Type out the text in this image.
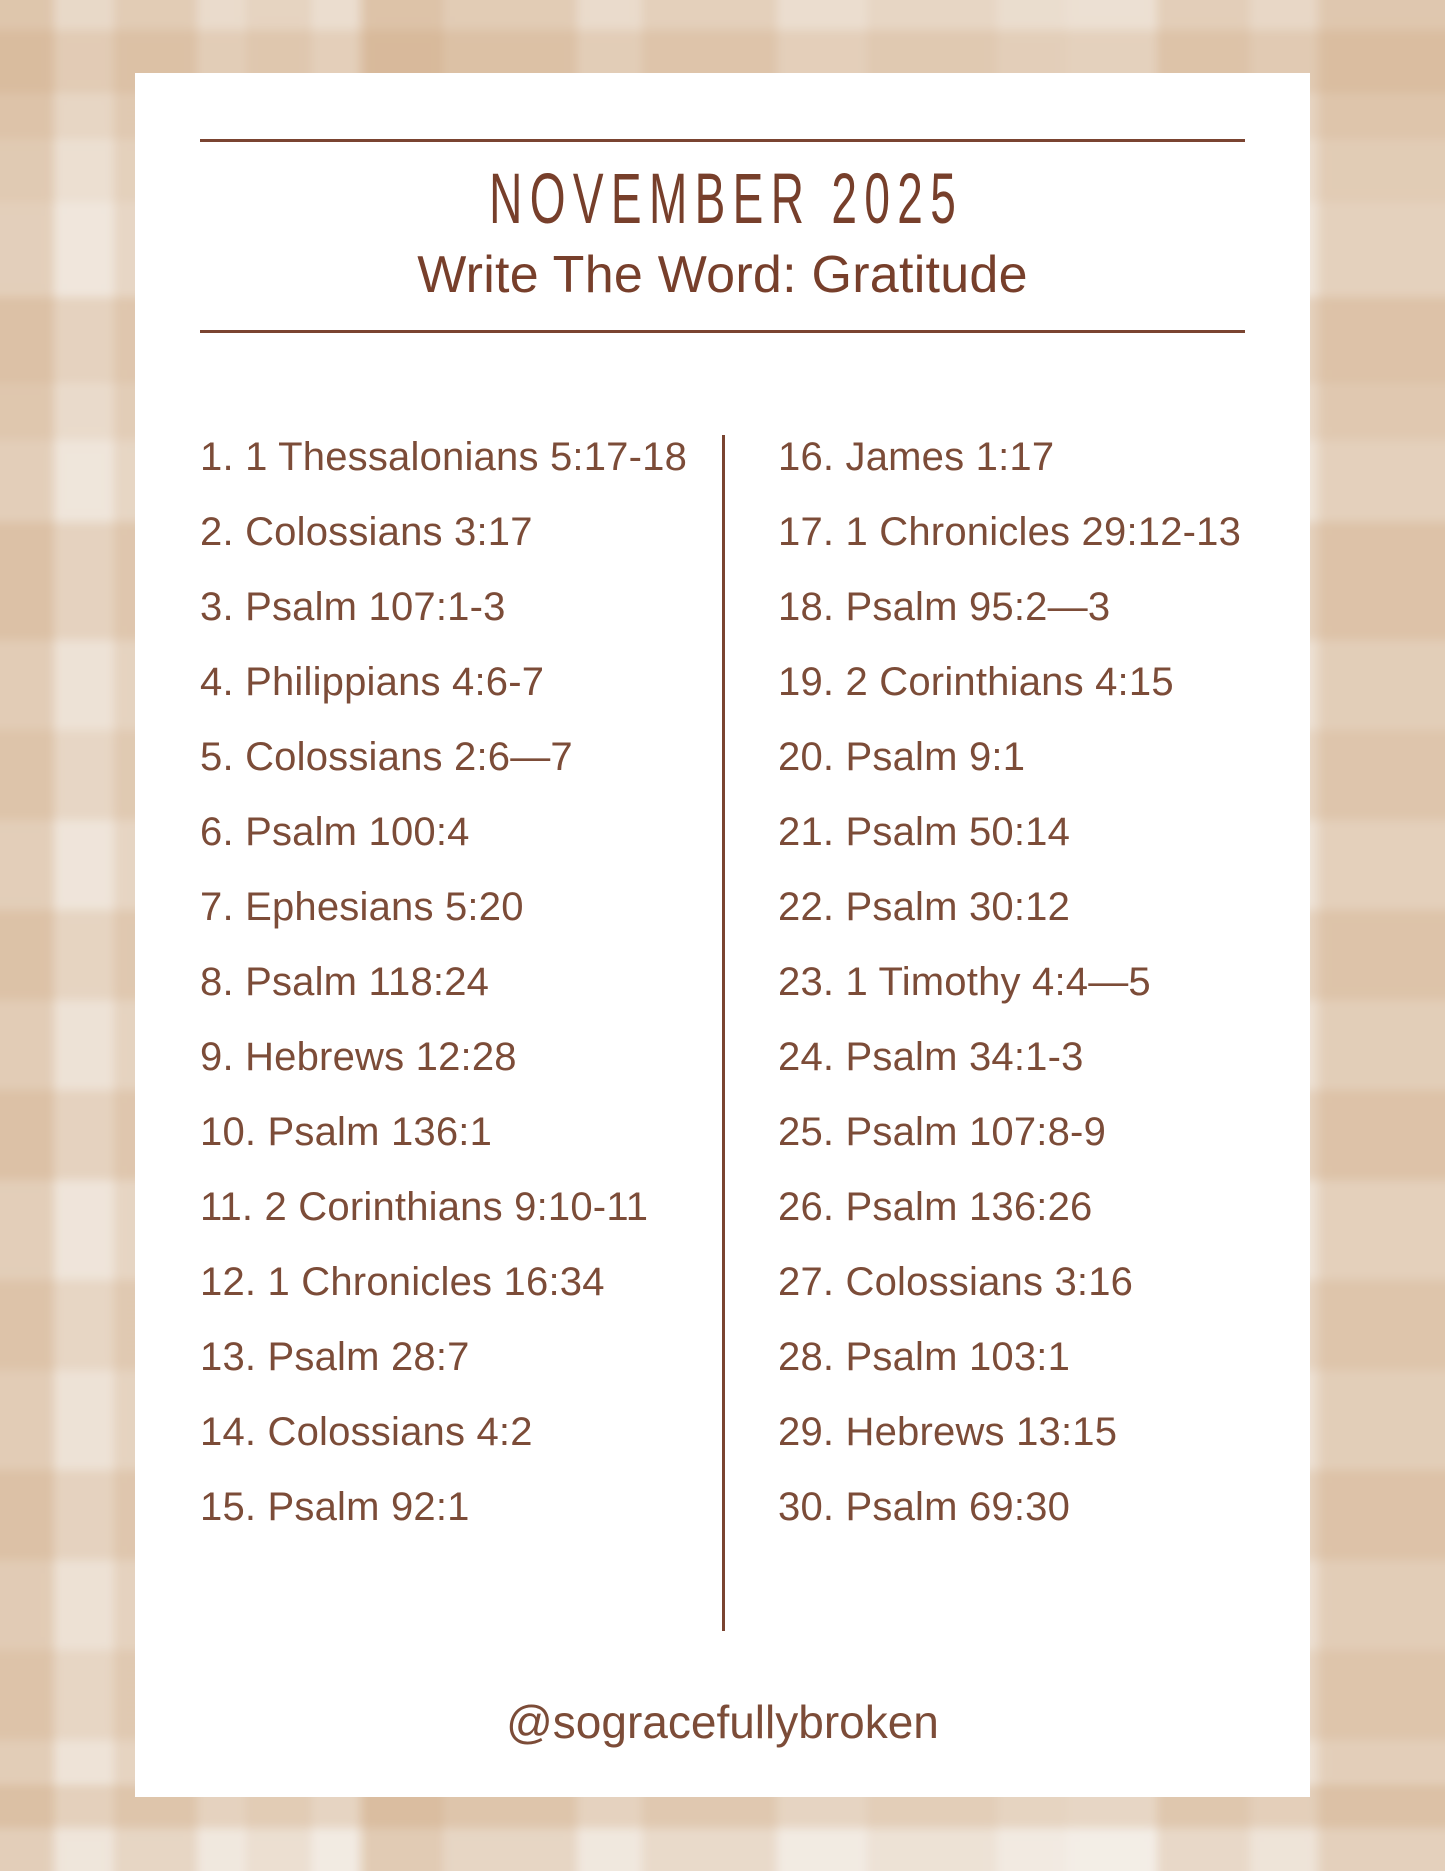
NOVEMBER 2025
Write The Word: Gratitude
1. 1 Thessalonians 5:17-18
2. Colossians 3:17
3. Psalm 107:1-3
4. Philippians 4:6-7
5. Colossians 2:6—7
6. Psalm 100:4
7. Ephesians 5:20
8. Psalm 118:24
9. Hebrews 12:28
10. Psalm 136:1
11. 2 Corinthians 9:10-11
12. 1 Chronicles 16:34
13. Psalm 28:7
14. Colossians 4:2
15. Psalm 92:1
16. James 1:17
17. 1 Chronicles 29:12-13
18. Psalm 95:2—3
19. 2 Corinthians 4:15
20. Psalm 9:1
21. Psalm 50:14
22. Psalm 30:12
23. 1 Timothy 4:4—5
24. Psalm 34:1-3
25. Psalm 107:8-9
26. Psalm 136:26
27. Colossians 3:16
28. Psalm 103:1
29. Hebrews 13:15
30. Psalm 69:30
@sogracefullybroken
